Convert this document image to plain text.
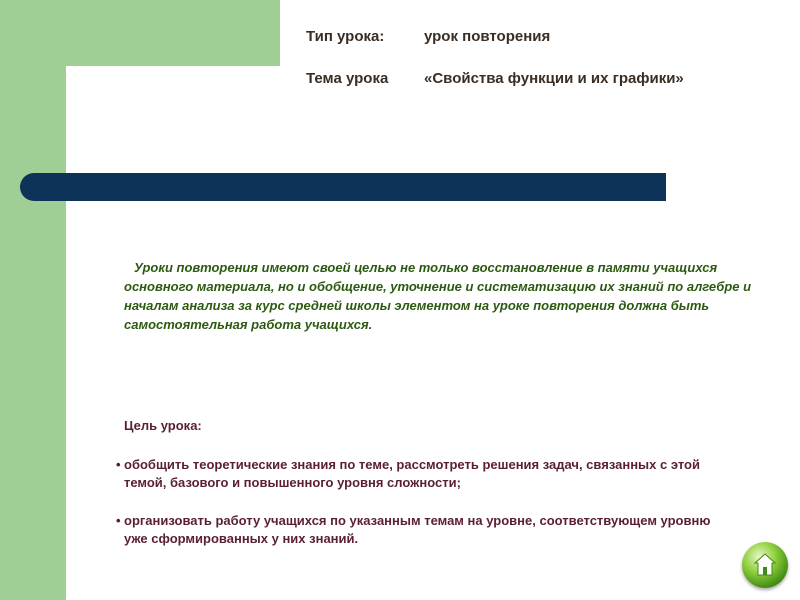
Тип урока:	урок повторения
Тема урока «Свойства функции и их графики»

Уроки повторения имеют своей целью не только восстановление в памяти учащихся основного материала, но и обобщение, уточнение и систематизацию их знаний по алгебре и началам анализа за курс средней школы элементом на уроке повторения должна быть самостоятельная работа учащихся.

Цель урока:

• обобщить теоретические знания по теме, рассмотреть решения задач, связанных с этой темой, базового и повышенного уровня сложности;

• организовать работу учащихся по указанным темам на уровне, соответствующем уровню уже сформированных у них знаний.
